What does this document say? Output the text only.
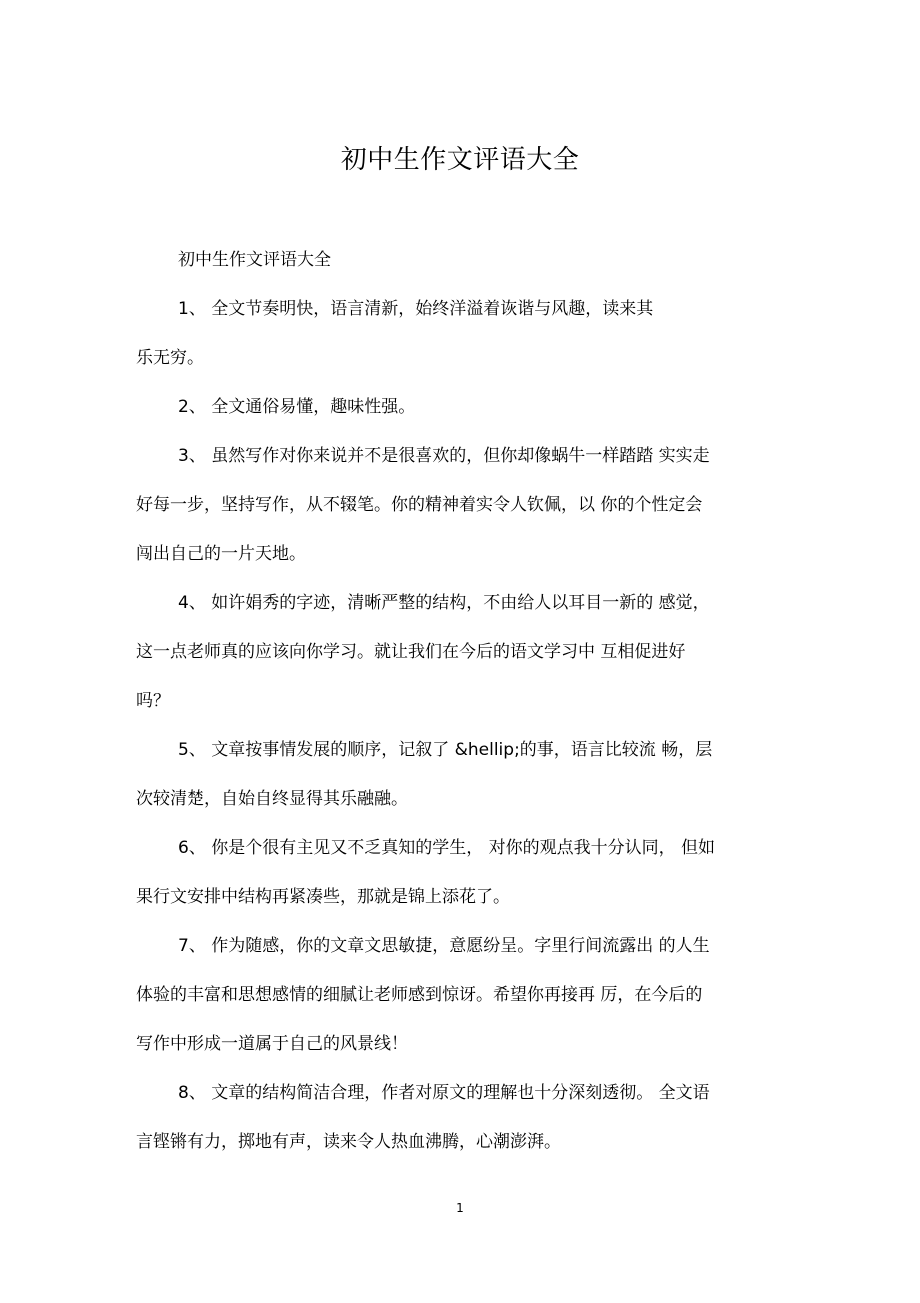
初中生作文评语大全
初中生作文评语大全
1、 全文节奏明快，语言清新，始终洋溢着诙谐与风趣，读来其
乐无穷。
2、 全文通俗易懂，趣味性强。
3、 虽然写作对你来说并不是很喜欢的，但你却像蜗牛一样踏踏 实实走
好每一步，坚持写作，从不辍笔。你的精神着实令人钦佩，以 你的个性定会
闯出自己的一片天地。
4、 如许娟秀的字迹，清晰严整的结构，不由给人以耳目一新的 感觉，
这一点老师真的应该向你学习。就让我们在今后的语文学习中 互相促进好
吗？
5、 文章按事情发展的顺序，记叙了 &hellip;的事，语言比较流 畅，层
次较清楚，自始自终显得其乐融融。
6、 你是个很有主见又不乏真知的学生， 对你的观点我十分认同， 但如
果行文安排中结构再紧凑些，那就是锦上添花了。
7、 作为随感，你的文章文思敏捷，意愿纷呈。字里行间流露出 的人生
体验的丰富和思想感情的细腻让老师感到惊讶。希望你再接再 厉，在今后的
写作中形成一道属于自己的风景线！
8、 文章的结构简洁合理，作者对原文的理解也十分深刻透彻。 全文语
言铿锵有力，掷地有声，读来令人热血沸腾，心潮澎湃。
1
